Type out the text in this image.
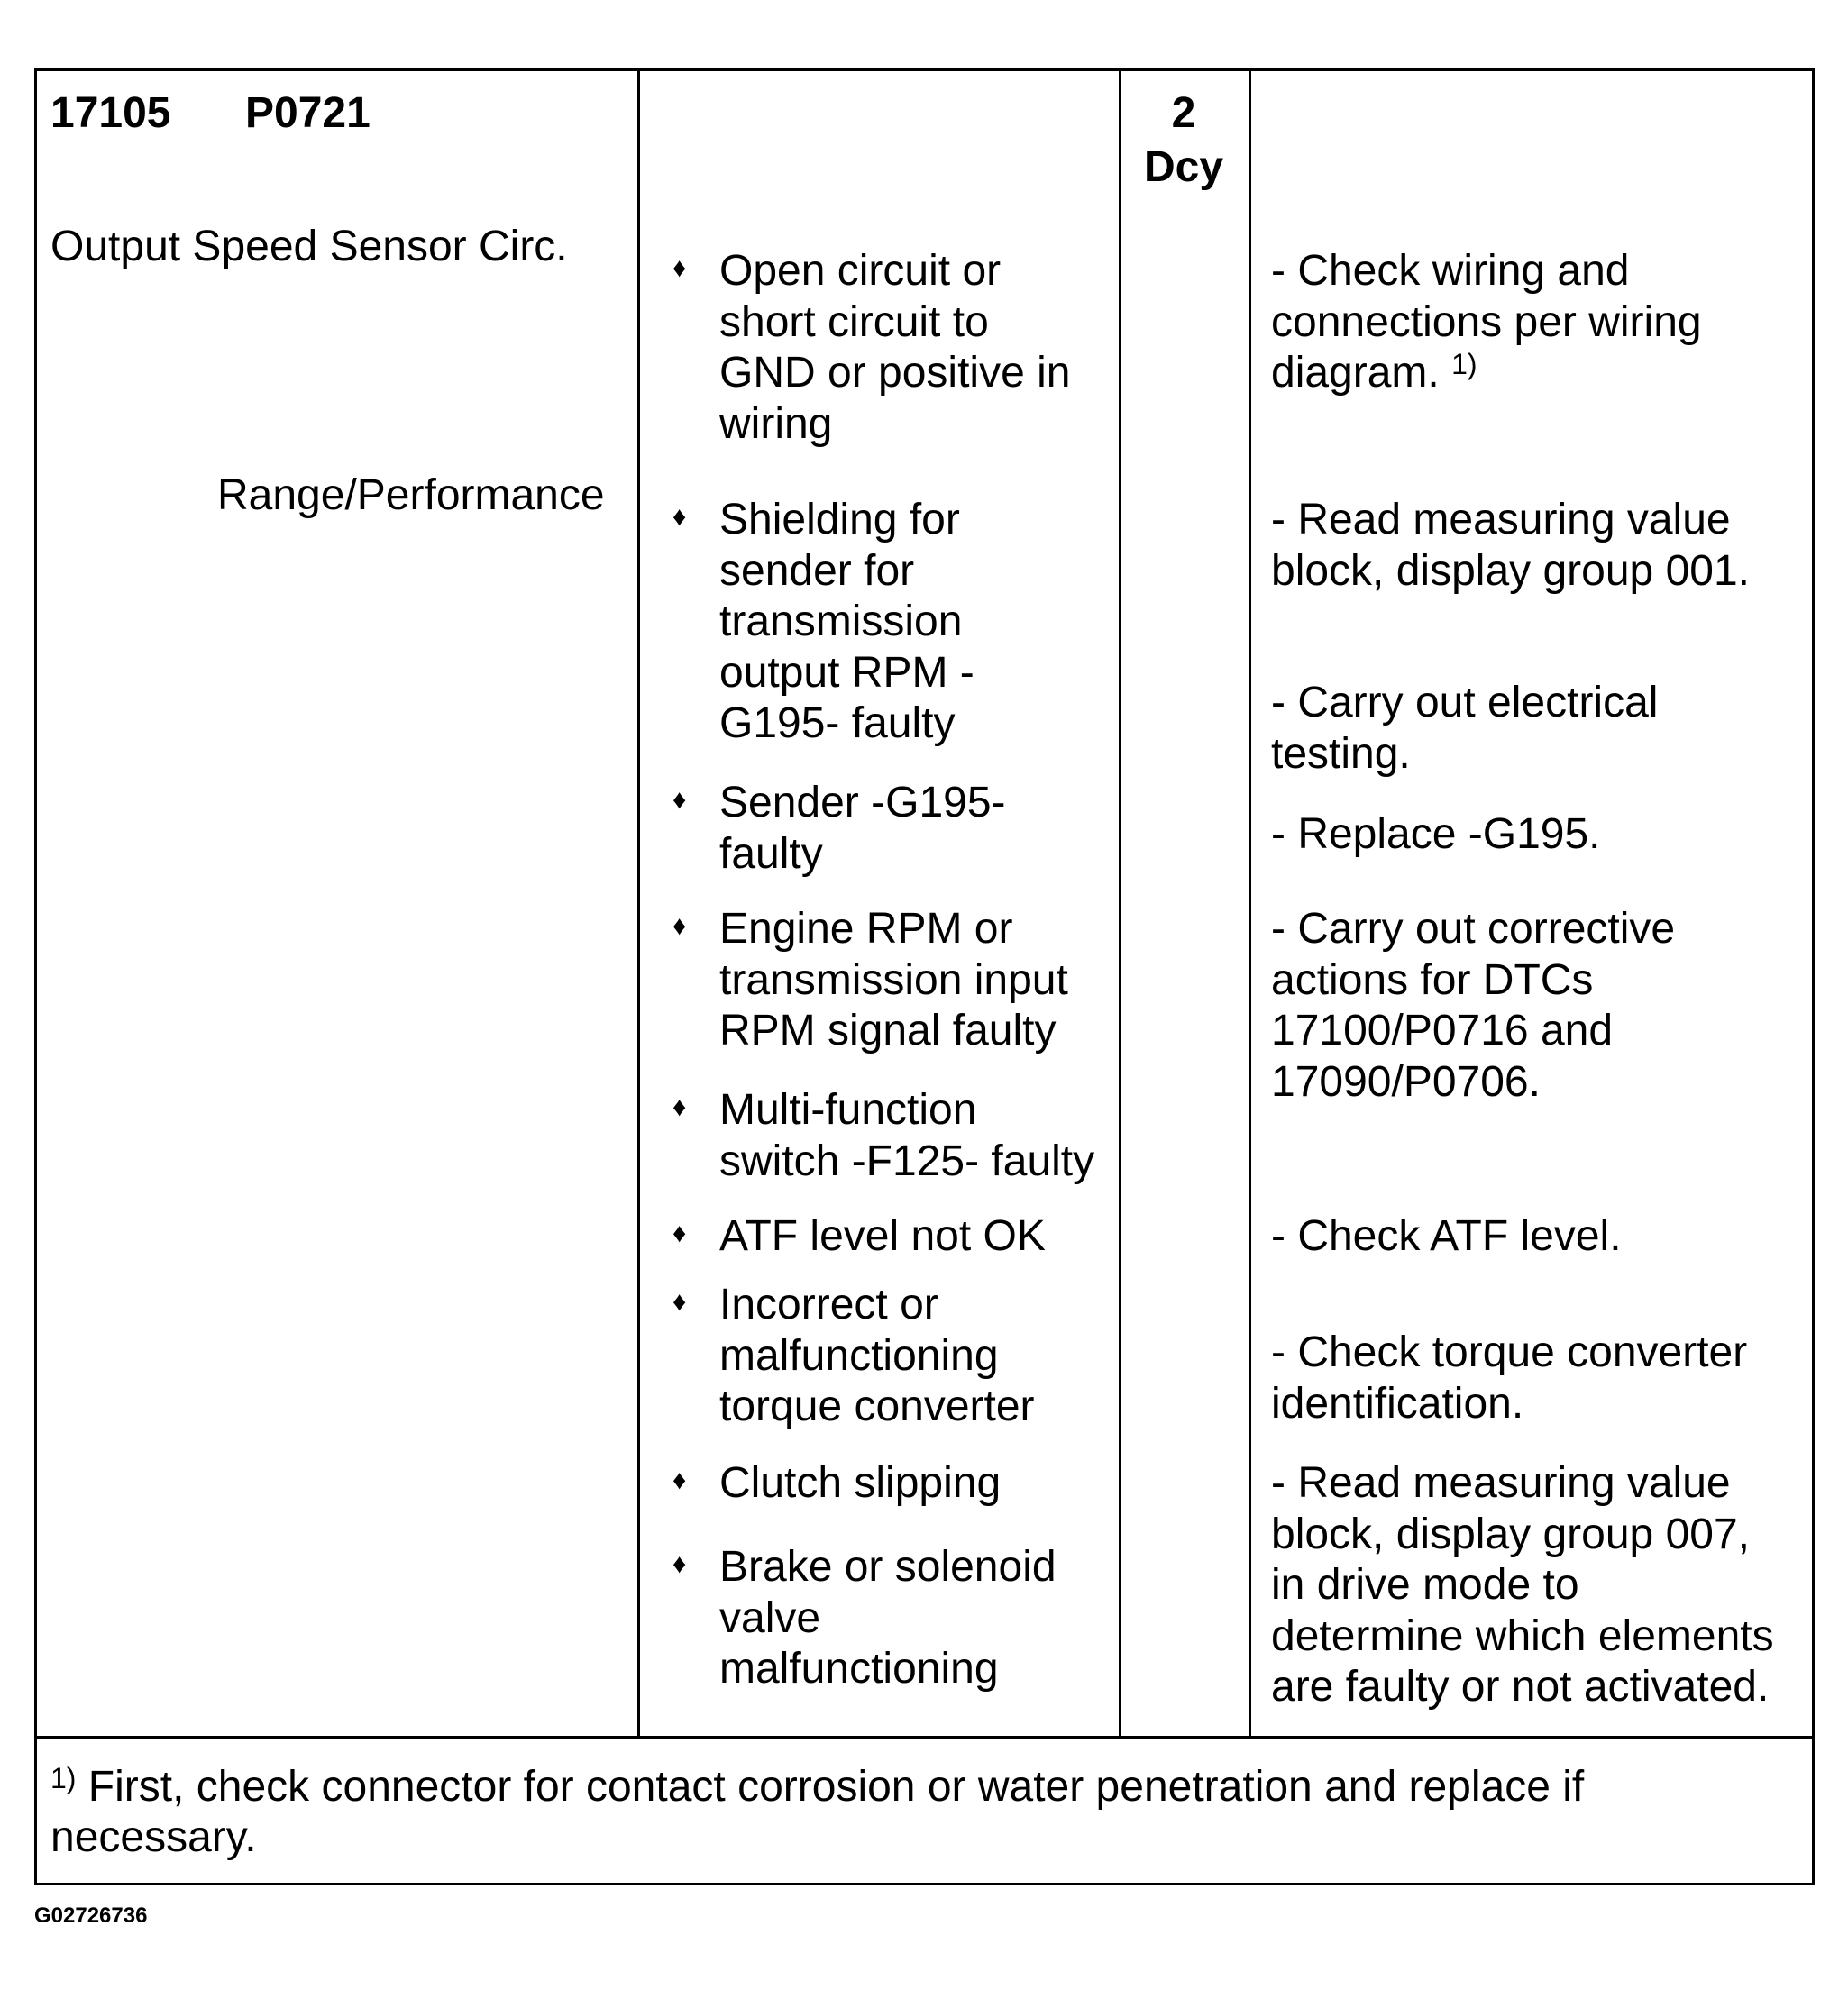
17105 P0721
Output Speed Sensor Circ.
Range/Performance
2
Dcy
♦ Open circuit or
short circuit to
GND or positive in
wiring
♦ Shielding for
sender for
transmission
output RPM -
G195- faulty
♦ Sender -G195-
faulty
♦ Engine RPM or
transmission input
RPM signal faulty
♦ Multi-function
switch -F125- faulty
♦ ATF level not OK
♦ Incorrect or
malfunctioning
torque converter
♦ Clutch slipping
♦ Brake or solenoid
valve
malfunctioning
- Check wiring and
connections per wiring
diagram. $^{1)}$
- Read measuring value
block, display group 001.
- Carry out electrical
testing.
- Replace -G195.
- Carry out corrective
actions for DTCs
17100/P0716 and
17090/P0706.
- Check ATF level.
- Check torque converter
identification.
- Read measuring value
block, display group 007,
in drive mode to
determine which elements
are faulty or not activated.
$^{1)}$ First, check connector for contact corrosion or water penetration and replace if necessary.
G02726736
